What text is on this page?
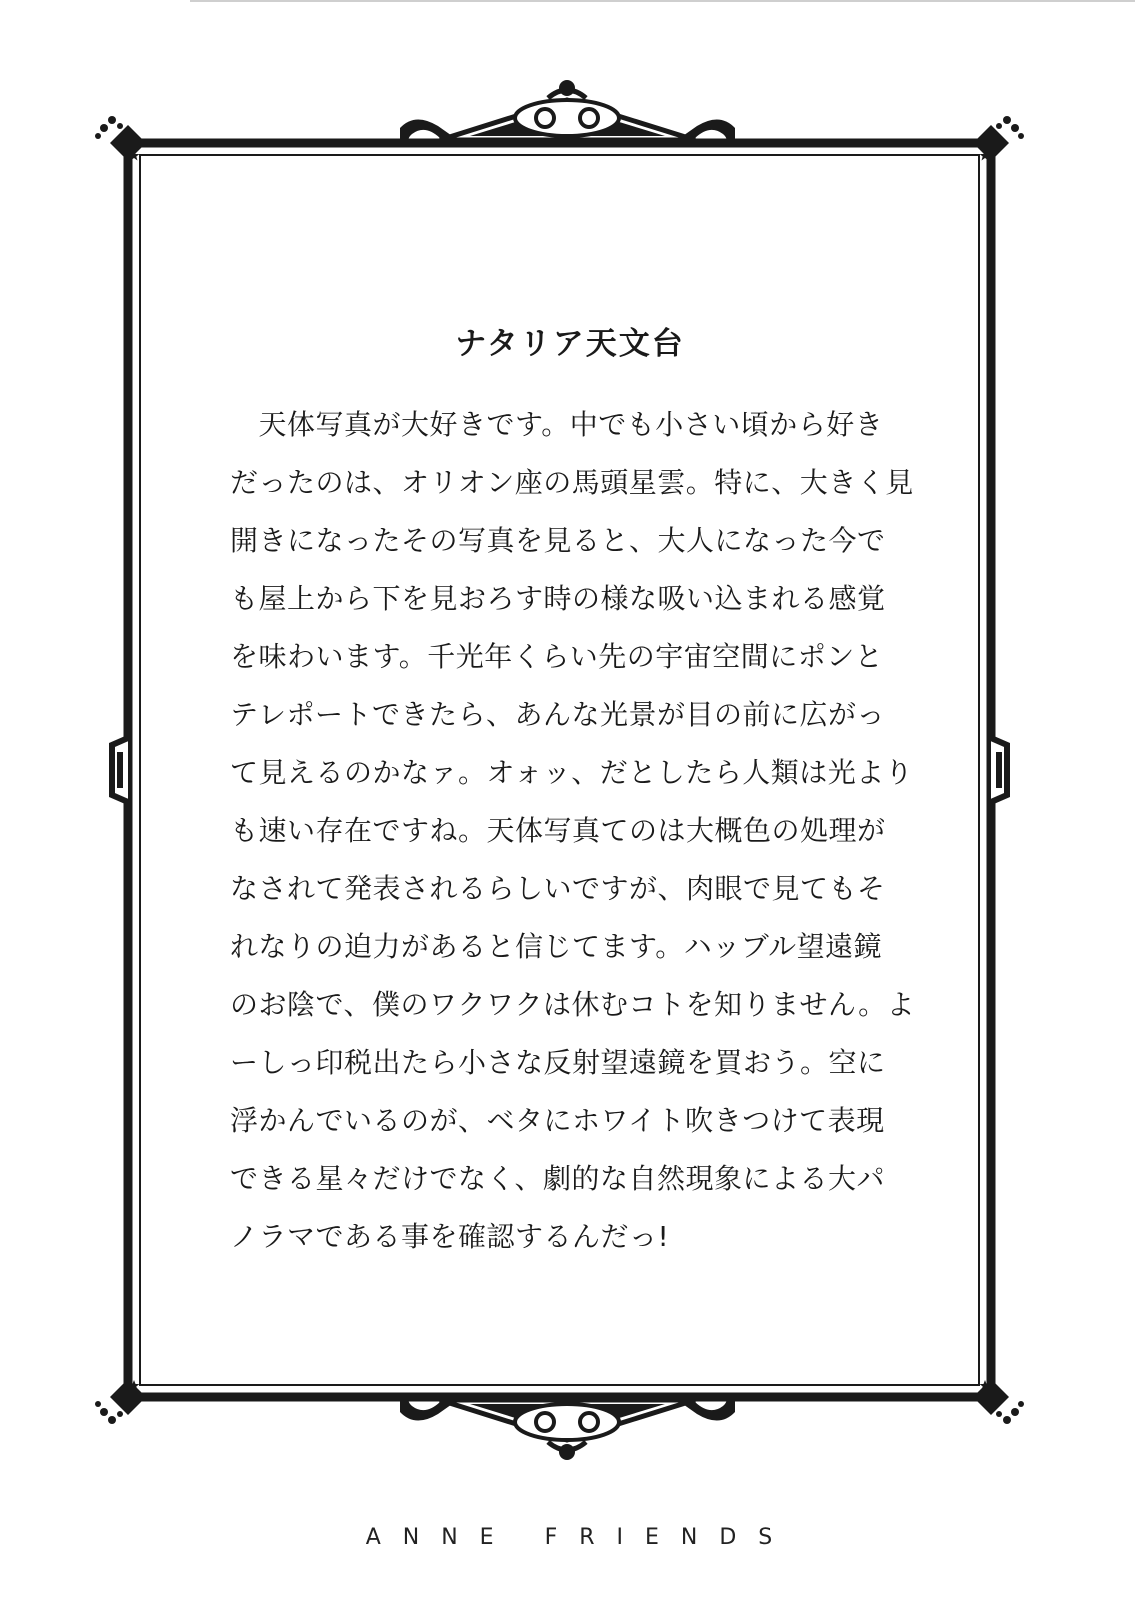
ナタリア天文台
　天体写真が大好きです。中でも小さい頃から好き
だったのは、オリオン座の馬頭星雲。特に、大きく見
開きになったその写真を見ると、大人になった今で
も屋上から下を見おろす時の様な吸い込まれる感覚
を味わいます。千光年くらい先の宇宙空間にポンと
テレポートできたら、あんな光景が目の前に広がっ
て見えるのかなァ。オォッ、だとしたら人類は光より
も速い存在ですね。天体写真てのは大概色の処理が
なされて発表されるらしいですが、肉眼で見てもそ
れなりの迫力があると信じてます。ハッブル望遠鏡
のお陰で、僕のワクワクは休むコトを知りません。よ
ーしっ印税出たら小さな反射望遠鏡を買おう。空に
浮かんでいるのが、ベタにホワイト吹きつけて表現
できる星々だけでなく、劇的な自然現象による大パ
ノラマである事を確認するんだっ!
ANNE FRIENDS
